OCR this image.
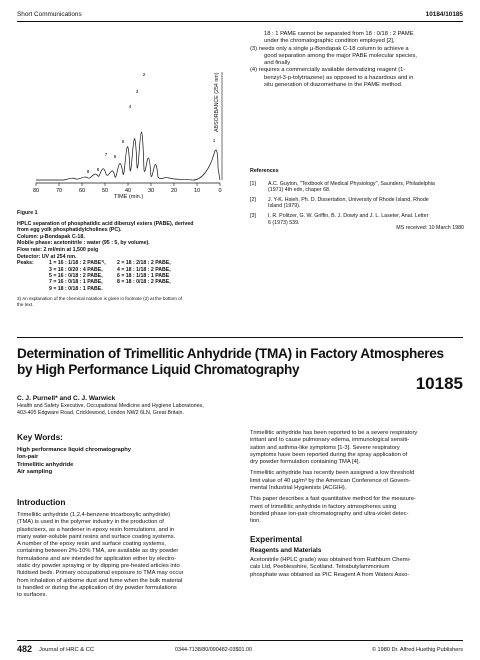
Short Communications	10184/10185
9 8
7 6
5
4
3
2
1
80	70	60	50	40	30	20	10	0
ABSORBANCE (254 nm)
TIME (min.)
Figure 1
HPLC separation of phosphatidic acid dibenzyl esters (PABE), derived
from egg yolk phosphatidylcholines (PC).
Column: µ-Bondapak C-18.
Mobile phase: acetonitrile : water (95 : 5, by volume).
Flow rate: 2 ml/min at 1,500 psig
Detector: UV at 254 nm.
Peaks:	1 = 16 : 1/18 : 2 PABE³⁾,	2 = 18 : 2/18 : 2 PABE,
	3 = 16 : 0/20 : 4 PABE,	4 = 18 : 1/18 : 2 PABE,
	5 = 16 : 0/18 : 2 PABE,	6 = 18 : 1/18 : 1 PABE
	7 = 16 : 0/18 : 1 PABE,	8 = 18 : 0/18 : 2 PABE,
	9 = 18 : 0/18 : 1 PABE.	
3) An explanation of the chemical notation is given in footnote (2) at the bottom of
the text.
18 : 1 PAME cannot be separated from 18 : 0/18 : 2 PAME
under the chromatographic condition employed [2],
(3) needs only a single µ-Bondapak C-18 column to achieve a
good separation among the major PABE molecular species,
and finally
(4) requires a commercially available derivatizing reagent (1-
benzyl-3-p-tolytriazene) as opposed to a hazardous and in
situ generation of diazomethane in the PAME method.
References
[1] A.C. Guyton, "Textbook of Medical Physiology", Saunders, Philadelphia
(1971) 4th edn, chaper 68.
[2] J. Y-K. Hsieh, Ph. D. Dissertation, University of Rhode Island, Rhode
Island (1979).
[3] I. R. Politzer, G. W. Griffin, B. J. Dowty and J. L. Laseter, Anal. Letter
6 (1973) 539.
MS received: 10 March 1980
Determination of Trimellitic Anhydride (TMA) in Factory Atmospheres
by High Performance Liquid Chromatography
10185
C. J. Purnell* and C. J. Warwick
Health and Safety Executive, Occupational Medicine and Hygiene Laboratories,
403-405 Edgware Road, Cricklewood, London NW2 6LN, Great Britain.
Key Words:
High performance liquid chromatography
Ion-pair
Trimellitic anhydride
Air sampling
Introduction
Trimellitic anhydride (1,2,4-benzene tricarboxylic anhydride)
(TMA) is used in the polymer industry in the production of
plasticisers, as a hardener in epoxy resin formulations, and in
many water-soluble paint resins and surface coating systems.
A number of the epoxy resin and surface coating systems,
containing between 2%-10% TMA, are available as dry powder
formulations and are intended for application either by electro-
static dry powder spraying or by dipping pre-heated articles into
fluidised beds. Primary occupational exposure to TMA may occur
from inhalation of airborne dust and fume when the bulk material
is handled or during the application of dry powder formulations
to surfaces.
Trimellitic anhydride has been reported to be a severe respiratory
irritant and to cause pulmonary edema, immunological sensiti-
sation and asthma-like symptoms [1-3]. Severe respiratory
symptoms have been reported during the spray application of
dry powder formulation containing TMA [4].
Trimellitic anhydride has recently been assigned a low threshold
limit value of 40 µg/m³ by the American Conference of Govern-
mental Industrial Hygienists (ACGIH).
This paper describes a fast quantitative method for the measure-
ment of trimellitic anhydride in factory atmospheres using
bonded phase ion-pair chromatography and ultra-violet detec-
tion.
Experimental
Reagents and Materials
Acetonitrile (HPLC grade) was obtained from Rathburn Chemi-
cals Ltd, Peeblesshire, Scotland. Tetrabutylammonium
phosphate was obtained as PIC Reagent A from Waters Asso-
482 Journal of HRC & CC	0344-7138/80/090482-03$01.00	© 1980 Dr. Alfred Huethig Publishers
